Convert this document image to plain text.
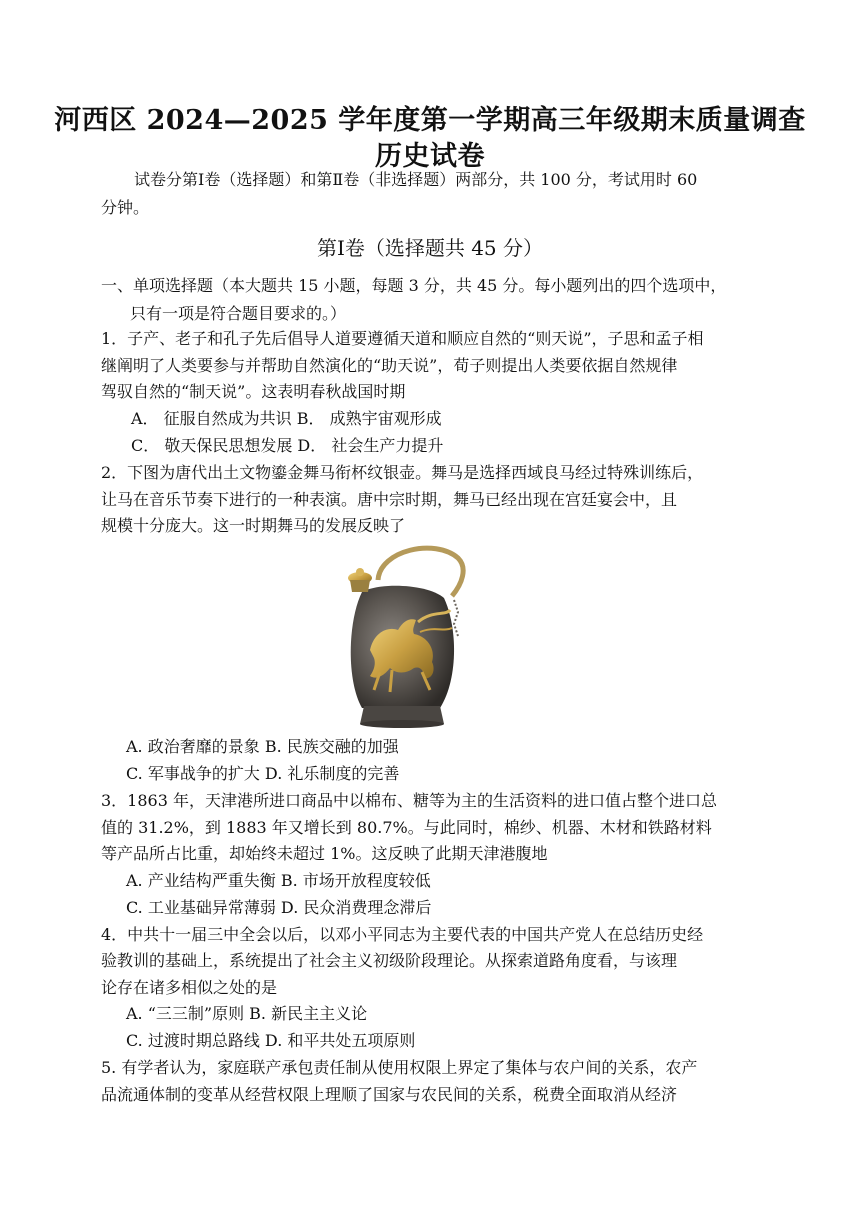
河西区 2024—2025 学年度第一学期高三年级期末质量调查
历史试卷
试卷分第Ⅰ卷（选择题）和第Ⅱ卷（非选择题）两部分，共 100 分，考试用时 60
分钟。
第Ⅰ卷（选择题共 45 分）
一、单项选择题（本大题共 15 小题，每题 3 分，共 45 分。每小题列出的四个选项中，
只有一项是符合题目要求的。）
1．子产、老子和孔子先后倡导人道要遵循天道和顺应自然的“则天说”，子思和孟子相
继阐明了人类要参与并帮助自然演化的“助天说”，荀子则提出人类要依据自然规律
驾驭自然的“制天说”。这表明春秋战国时期
A． 征服自然成为共识 B． 成熟宇宙观形成
C． 敬天保民思想发展 D． 社会生产力提升
2．下图为唐代出土文物鎏金舞马衔杯纹银壶。舞马是选择西域良马经过特殊训练后，
让马在音乐节奏下进行的一种表演。唐中宗时期，舞马已经出现在宫廷宴会中，且
规模十分庞大。这一时期舞马的发展反映了
A. 政治奢靡的景象 B. 民族交融的加强
C. 军事战争的扩大 D. 礼乐制度的完善
3．1863 年，天津港所进口商品中以棉布、糖等为主的生活资料的进口值占整个进口总
值的 31.2%，到 1883 年又增长到 80.7%。与此同时，棉纱、机器、木材和铁路材料
等产品所占比重，却始终未超过 1%。这反映了此期天津港腹地
A. 产业结构严重失衡 B. 市场开放程度较低
C. 工业基础异常薄弱 D. 民众消费理念滞后
4．中共十一届三中全会以后，以邓小平同志为主要代表的中国共产党人在总结历史经
验教训的基础上，系统提出了社会主义初级阶段理论。从探索道路角度看，与该理
论存在诸多相似之处的是
A. “三三制”原则 B. 新民主主义论
C. 过渡时期总路线 D. 和平共处五项原则
5. 有学者认为，家庭联产承包责任制从使用权限上界定了集体与农户间的关系，农产
品流通体制的变革从经营权限上理顺了国家与农民间的关系，税费全面取消从经济
